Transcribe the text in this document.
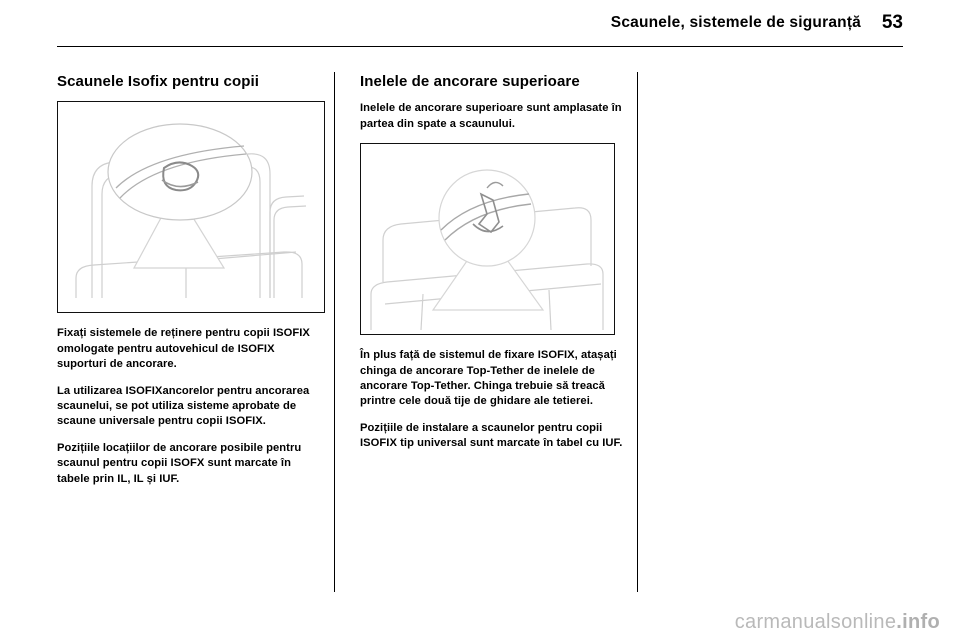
Scaunele, sistemele de siguranță 53
Scaunele Isofix pentru copii

Fixați sistemele de reținere pentru copii ISOFIX omologate pentru autovehicul de ISOFIX suporturi de ancorare.

La utilizarea ISOFIXancorelor pentru ancorarea scaunelui, se pot utiliza sisteme aprobate de scaune universale pentru copii ISOFIX.

Pozițiile locațiilor de ancorare posibile pentru scaunul pentru copii ISOFX sunt marcate în tabele prin IL, IL și IUF.

Inelele de ancorare superioare

Inelele de ancorare superioare sunt amplasate în partea din spate a scaunului.

În plus față de sistemul de fixare ISOFIX, atașați chinga de ancorare Top-Tether de inelele de ancorare Top-Tether. Chinga trebuie să treacă printre cele două tije de ghidare ale tetierei.

Pozițiile de instalare a scaunelor pentru copii ISOFIX tip universal sunt marcate în tabel cu IUF.

carmanualsonline.info
